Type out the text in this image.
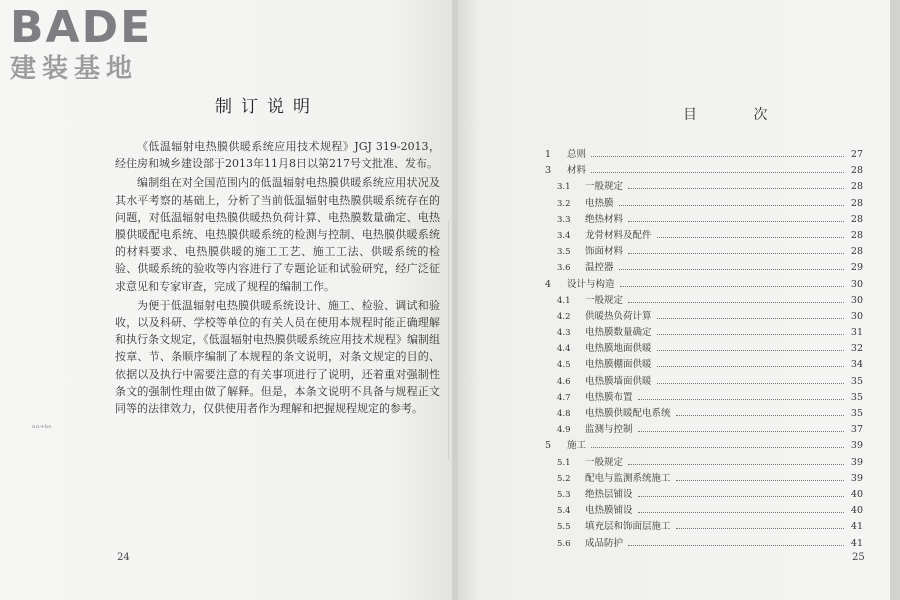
BADE
建装基地
制订说明

《低温辐射电热膜供暖系统应用技术规程》JGJ 319-2013，经住房和城乡建设部于2013年11月8日以第217号文批准、发布。

编制组在对全国范围内的低温辐射电热膜供暖系统应用状况及其水平考察的基础上，分析了当前低温辐射电热膜供暖系统存在的问题，对低温辐射电热膜供暖热负荷计算、电热膜数量确定、电热膜供暖配电系统、电热膜供暖系统的检测与控制、电热膜供暖系统的材料要求、电热膜供暖的施工工艺、施工工法、供暖系统的检验、供暖系统的验收等内容进行了专题论证和试验研究，经广泛征求意见和专家审查，完成了规程的编制工作。

为便于低温辐射电热膜供暖系统设计、施工、检验、调试和验收，以及科研、学校等单位的有关人员在使用本规程时能正确理解和执行条文规定，《低温辐射电热膜供暖系统应用技术规程》编制组按章、节、条顺序编制了本规程的条文说明，对条文规定的目的、依据以及执行中需要注意的有关事项进行了说明，还着重对强制性条文的强制性理由做了解释。但是，本条文说明不具备与规程正文同等的法律效力，仅供使用者作为理解和把握规程规定的参考。

ⁿⁿ⁺ʰˢ
24
目 次
1	总则	27
3	材料	28
3.1	一般规定	28
3.2	电热膜	28
3.3	绝热材料	28
3.4	龙骨材料及配件	28
3.5	饰面材料	28
3.6	温控器	29
4	设计与构造	30
4.1	一般规定	30
4.2	供暖热负荷计算	30
4.3	电热膜数量确定	31
4.4	电热膜地面供暖	32
4.5	电热膜棚面供暖	34
4.6	电热膜墙面供暖	35
4.7	电热膜布置	35
4.8	电热膜供暖配电系统	35
4.9	监测与控制	37
5	施工	39
5.1	一般规定	39
5.2	配电与监测系统施工	39
5.3	绝热层铺设	40
5.4	电热膜铺设	40
5.5	填充层和饰面层施工	41
5.6	成品防护	41
25
